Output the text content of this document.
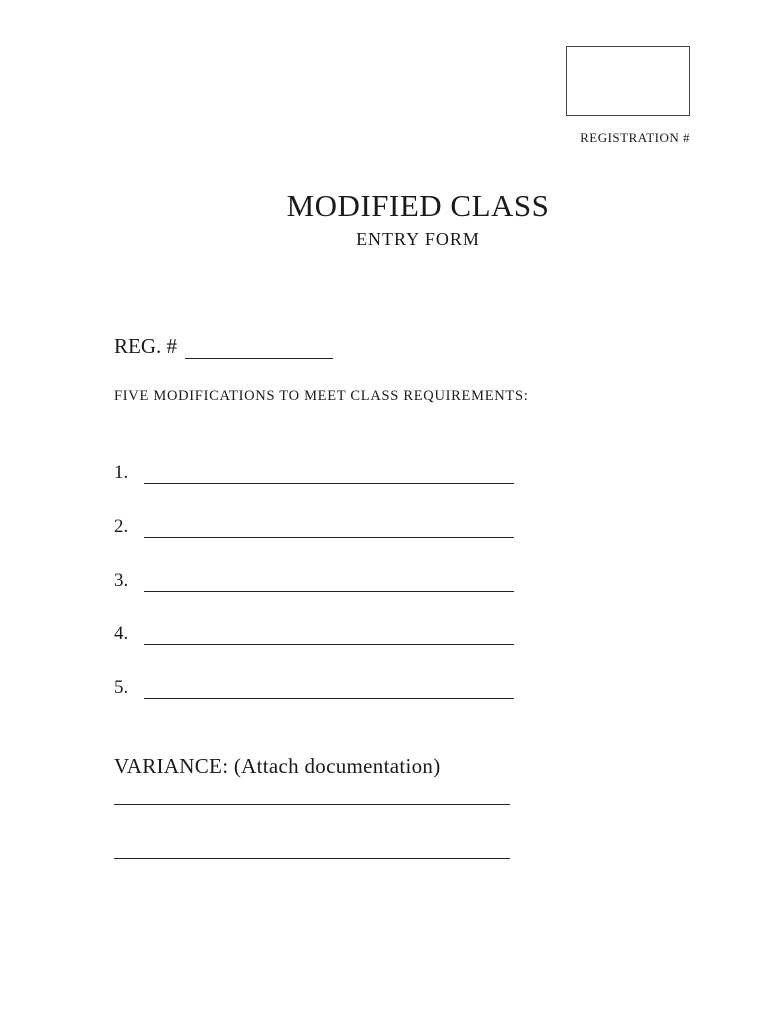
REGISTRATION #
MODIFIED CLASS
ENTRY FORM
REG. #
FIVE MODIFICATIONS TO MEET CLASS REQUIREMENTS:
1.
2.
3.
4.
5.
VARIANCE: (Attach documentation)
